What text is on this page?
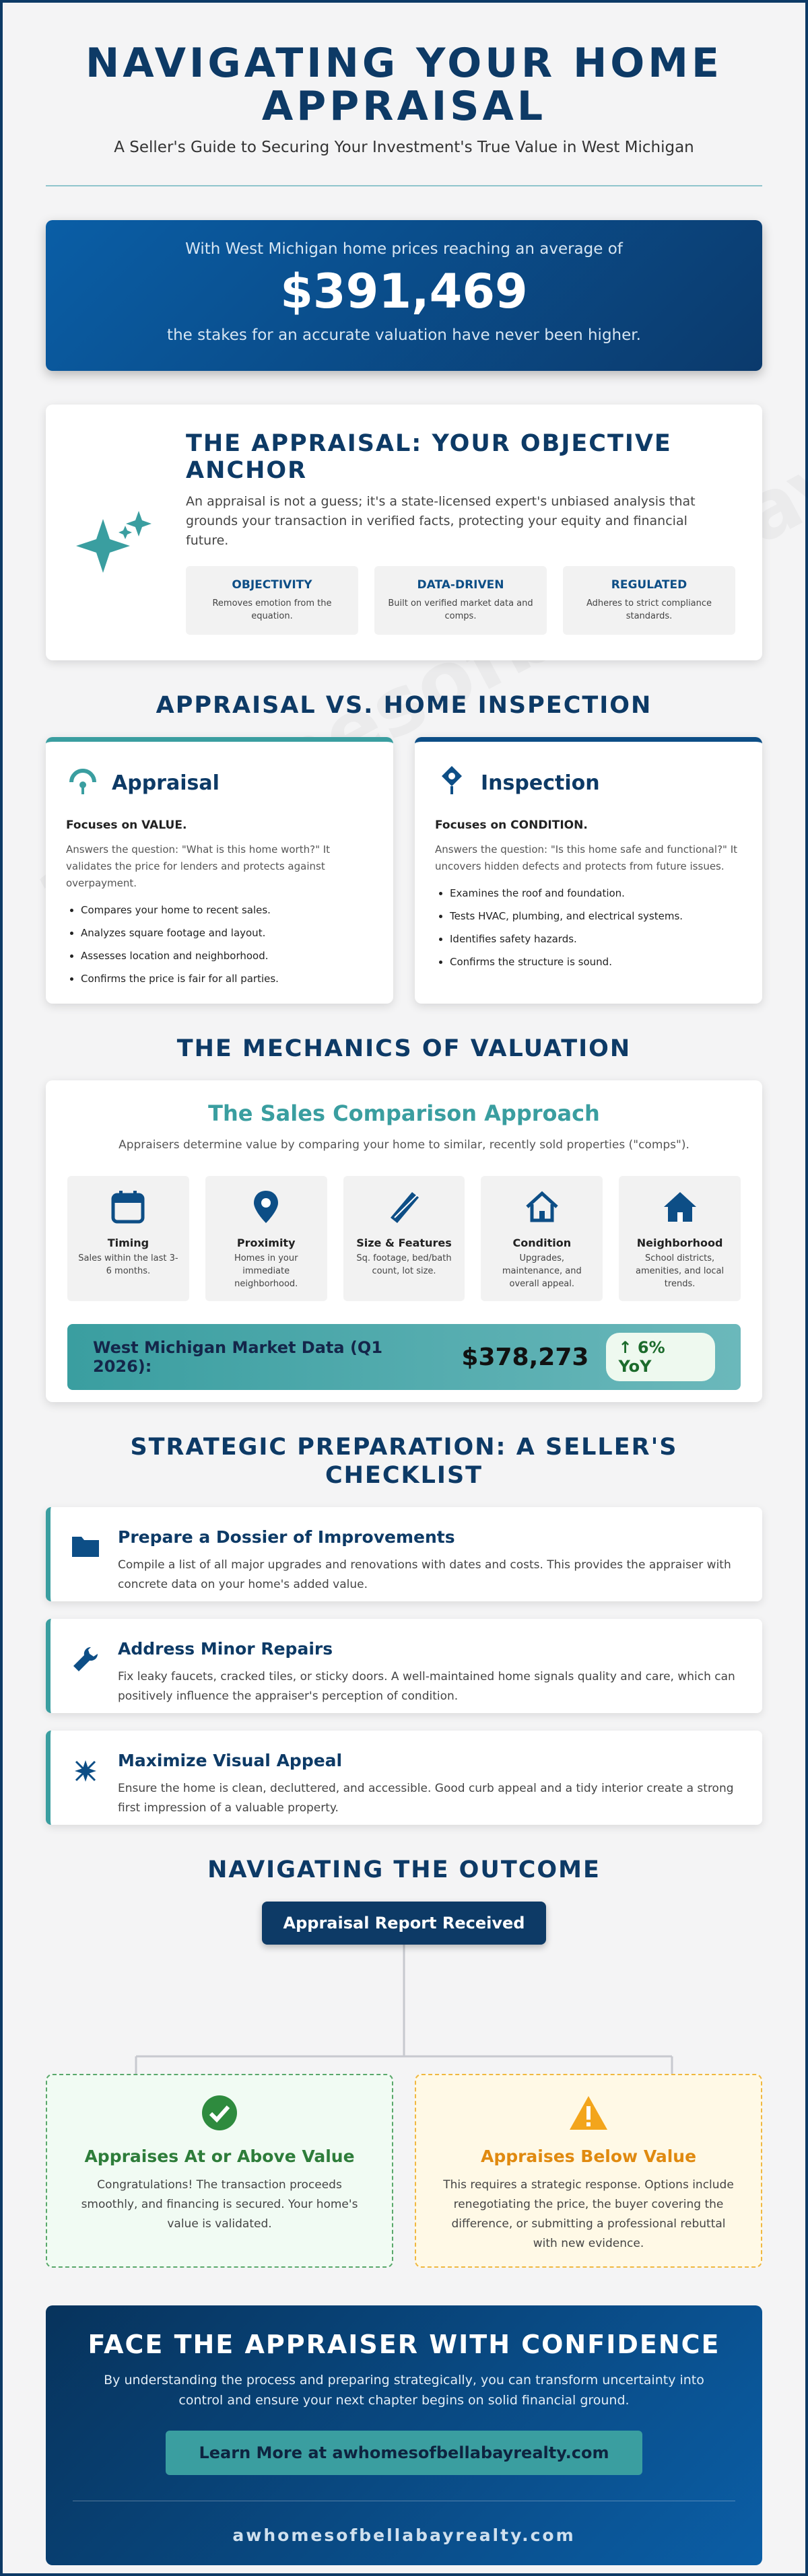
NAVIGATING YOUR HOME APPRAISAL

A Seller's Guide to Securing Your Investment's True Value in West Michigan

With West Michigan home prices reaching an average of
$391,469
the stakes for an accurate valuation have never been higher.
THE APPRAISAL: YOUR OBJECTIVE ANCHOR
An appraisal is not a guess; it's a state-licensed expert's unbiased analysis that grounds your transaction in verified facts, protecting your equity and financial future.
OBJECTIVITY
Removes emotion from the equation.
DATA-DRIVEN
Built on verified market data and comps.
REGULATED
Adheres to strict compliance standards.
APPRAISAL VS. HOME INSPECTION
Appraisal
Focuses on VALUE.
Answers the question: "What is this home worth?" It validates the price for lenders and protects against overpayment.
• Compares your home to recent sales.
• Analyzes square footage and layout.
• Assesses location and neighborhood.
• Confirms the price is fair for all parties.
Inspection
Focuses on CONDITION.
Answers the question: "Is this home safe and functional?" It uncovers hidden defects and protects from future issues.
• Examines the roof and foundation.
• Tests HVAC, plumbing, and electrical systems.
• Identifies safety hazards.
• Confirms the structure is sound.
THE MECHANICS OF VALUATION
The Sales Comparison Approach
Appraisers determine value by comparing your home to similar, recently sold properties ("comps").
Timing
Sales within the last 3-6 months.
Proximity
Homes in your immediate neighborhood.
Size & Features
Sq. footage, bed/bath count, lot size.
Condition
Upgrades, maintenance, and overall appeal.
Neighborhood
School districts, amenities, and local trends.
West Michigan Market Data (Q1 2026):	$378,273	↑ 6% YoY
STRATEGIC PREPARATION: A SELLER'S CHECKLIST
Prepare a Dossier of Improvements
Compile a list of all major upgrades and renovations with dates and costs. This provides the appraiser with concrete data on your home's added value.
Address Minor Repairs
Fix leaky faucets, cracked tiles, or sticky doors. A well-maintained home signals quality and care, which can positively influence the appraiser's perception of condition.
Maximize Visual Appeal
Ensure the home is clean, decluttered, and accessible. Good curb appeal and a tidy interior create a strong first impression of a valuable property.
NAVIGATING THE OUTCOME
Appraisal Report Received
Appraises At or Above Value
Congratulations! The transaction proceeds smoothly, and financing is secured. Your home's value is validated.
Appraises Below Value
This requires a strategic response. Options include renegotiating the price, the buyer covering the difference, or submitting a professional rebuttal with new evidence.
FACE THE APPRAISER WITH CONFIDENCE
By understanding the process and preparing strategically, you can transform uncertainty into control and ensure your next chapter begins on solid financial ground.
Learn More at awhomesofbellabayrealty.com
awhomesofbellabayrealty.com
